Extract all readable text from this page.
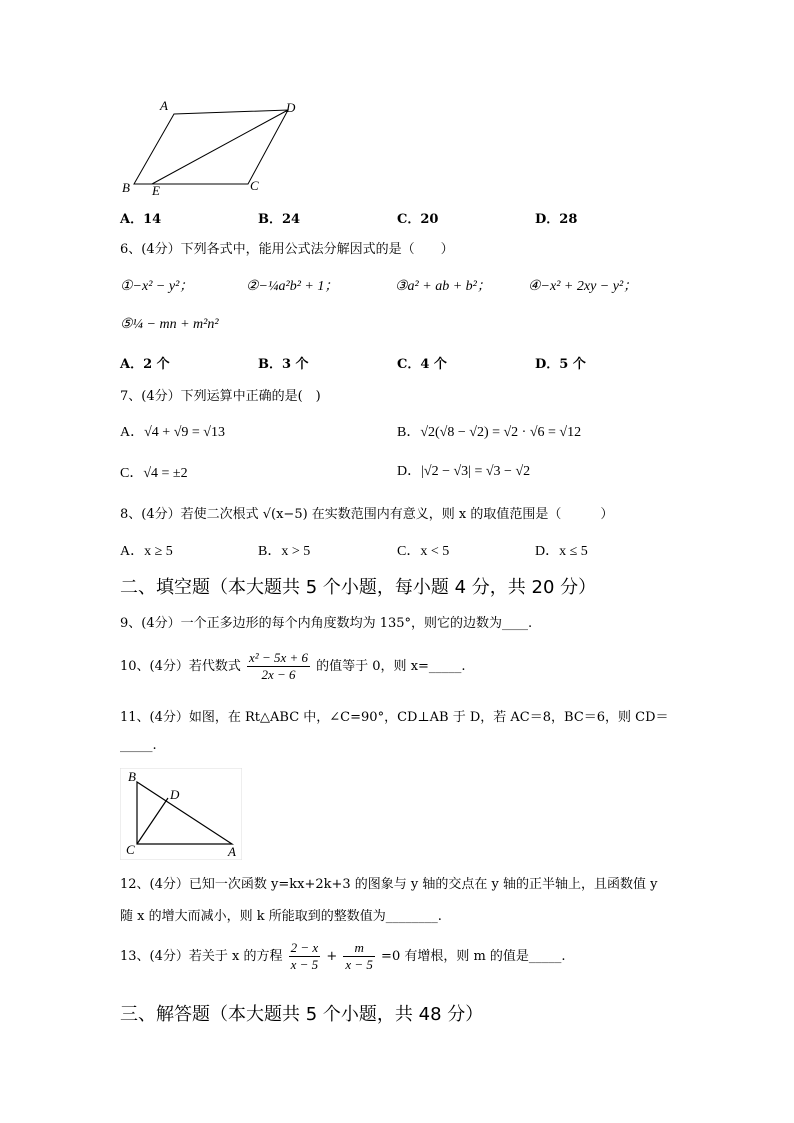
A	D
B E	C
A．14	B．24	C．20	D．28
6、(4分）下列各式中，能用公式法分解因式的是（　　）
①−x² − y²；	②−¼a²b² + 1；	③a² + ab + b²；	④−x² + 2xy − y²；
⑤¼ − mn + m²n²
A．2 个	B．3 个	C．4 个	D．5 个
7、(4分）下列运算中正确的是(　)
A．√4 + √9 = √13	B．√2(√8 − √2) = √2 · √6 = √12
C．√4 = ±2	D．|√2 − √3| = √3 − √2
8、(4分）若使二次根式 √(x−5) 在实数范围内有意义，则 x 的取值范围是（　　　）
A．x ≥ 5	B．x > 5	C．x < 5	D．x ≤ 5
二、填空题（本大题共 5 个小题，每小题 4 分，共 20 分）
9、(4分）一个正多边形的每个内角度数均为 135°，则它的边数为____.
10、(4分）若代数式 $\frac{\text{x² − 5x + 6}}{2x - 6}$ 的值等于 0，则 x=_____.
11、(4分）如图，在 Rt△ABC 中，∠C=90°，CD⊥AB 于 D，若 AC＝8，BC＝6，则 CD＝
_____.
B
D
C	A
12、(4分）已知一次函数 y=kx+2k+3 的图象与 y 轴的交点在 y 轴的正半轴上，且函数值 y
随 x 的增大而减小，则 k 所能取到的整数值为________.
13、(4分）若关于 x 的方程 $\frac{2 - x}{x - 5} + \frac{m}{x - 5} =0$ 有增根，则 m 的值是_____.
三、解答题（本大题共 5 个小题，共 48 分）
